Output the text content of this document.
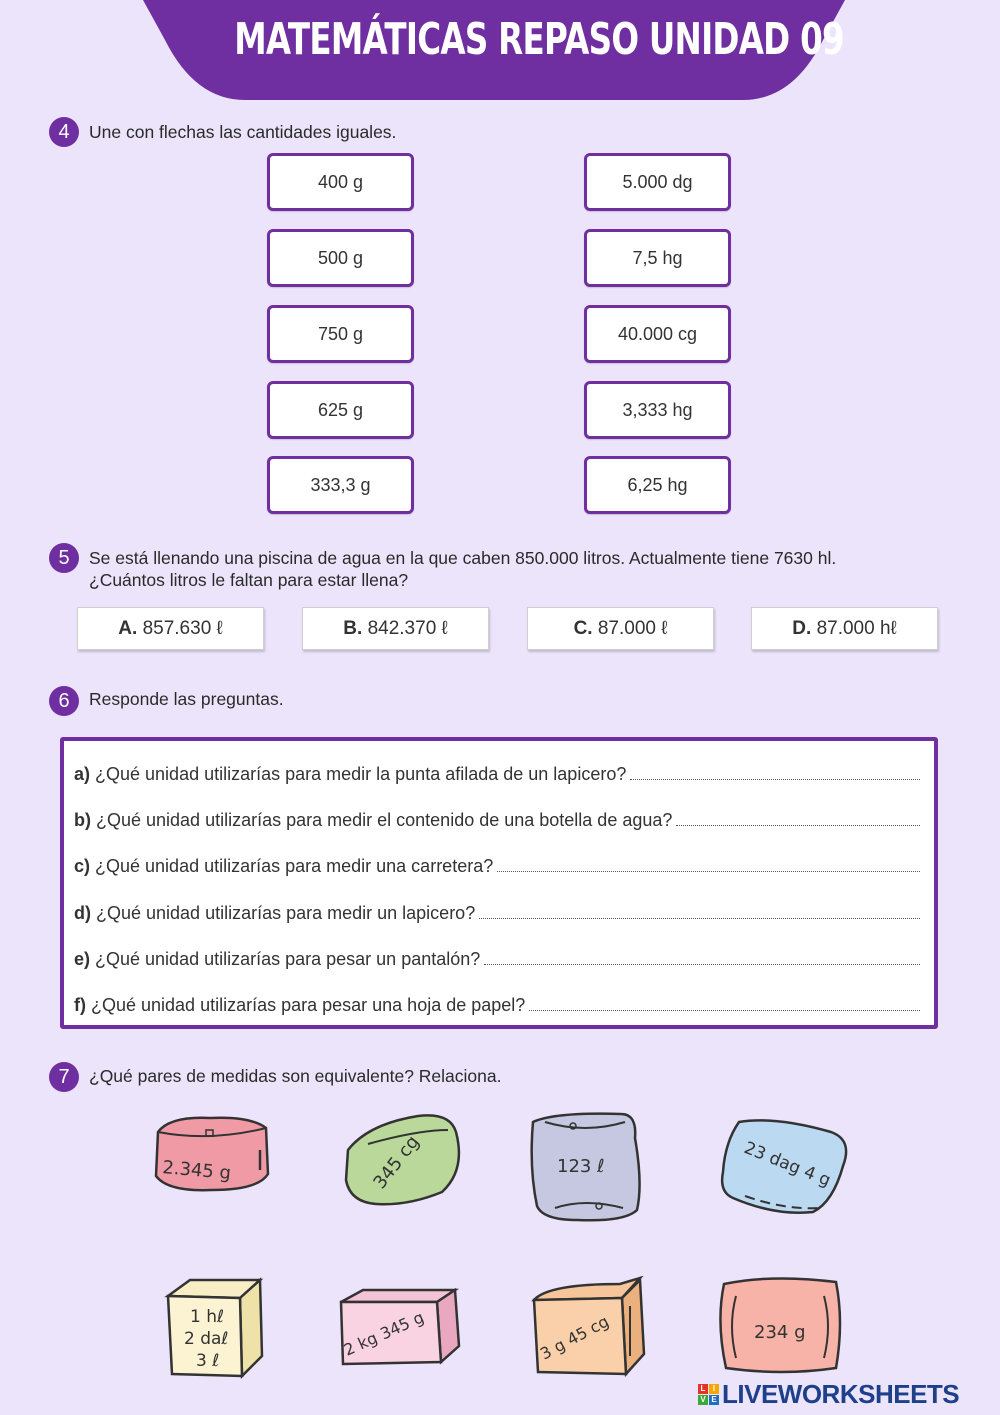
MATEMÁTICAS REPASO UNIDAD 09
4	Une con flechas las cantidades iguales.
400 g
500 g
750 g
625 g
333,3 g
5.000 dg
7,5 hg
40.000 cg
3,333 hg
6,25 hg
5	Se está llenando una piscina de agua en la que caben 850.000 litros. Actualmente tiene 7630 hl.
¿Cuántos litros le faltan para estar llena?
A. 857.630 ℓ	B. 842.370 ℓ	C. 87.000 ℓ	D. 87.000 hℓ
6	Responde las preguntas.
a) ¿Qué unidad utilizarías para medir la punta afilada de un lapicero?
b) ¿Qué unidad utilizarías para medir el contenido de una botella de agua?
c) ¿Qué unidad utilizarías para medir una carretera?
d) ¿Qué unidad utilizarías para medir un lapicero?
e) ¿Qué unidad utilizarías para pesar un pantalón?
f) ¿Qué unidad utilizarías para pesar una hoja de papel?
7	¿Qué pares de medidas son equivalente? Relaciona.
2.345 g	345 cg	123 ℓ	23 dag 4 g
1 hℓ
2 daℓ
3 ℓ
2 kg 345 g	3 g 45 cg	234 g
L I
V E LIVEWORKSHEETS
